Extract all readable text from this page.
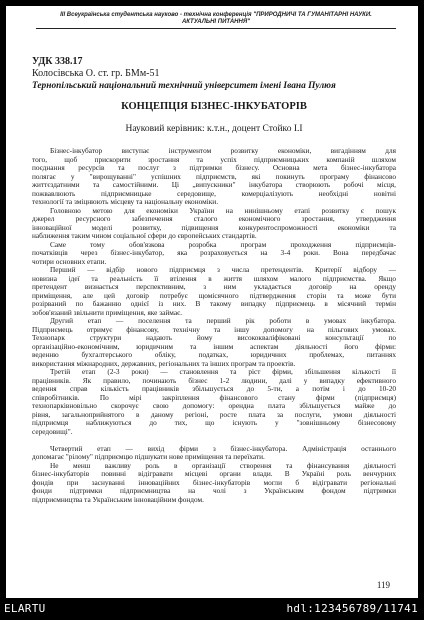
III Всеукраїнська студентська науково - технічна конференція "ПРИРОДНИЧІ ТА ГУМАНІТАРНІ НАУКИ.
АКТУАЛЬНІ ПИТАННЯ"
УДК 338.17
Колосівська О. ст. гр. БМм-51
Тернопільський національний технічний університет імені Івана Пулюя
КОНЦЕПЦІЯ БІЗНЕС-ІНКУБАТОРІВ
Науковий керівник: к.т.н., доцент Стойко І.І
Бізнес-інкубатор виступає інструментом розвитку економіки, вигадінням для
того, щоб прискорити зростання та успіх підприємницьких компаній шляхом
поєднання ресурсів та послуг з підтримки бізнесу. Основна мета бізнес-інкубатора
полягає у "вирощуванні" успішних підприємств, які покинуть програму фінансово
життєздатними та самостійними. Ці „випускники" інкубатора створюють робочі місця,
пожвавлюють підприємницьке середовище, комерціалізують необхідні новітні
технології та зміцнюють місцеву та національну економіки.
Головною метою для економіки України на нинішньому етапі розвитку є пошук
джерел ресурсного забезпечення сталого економічного зростання, утвердження
інноваційної моделі розвитку, підвищення конкурентоспроможності економіки та
наближення таким чином соціальної сфери до європейських стандартів.
Саме тому обов'язкова розробка програм проходження підприємців-
початківців через бізнес-інкубатор, яка розраховується на 3-4 роки. Вона передбачає
чотири основних етапи.
Перший — відбір нового підприємця з числа претендентів. Критерії відбору —
новизна ідеї та реальність її втілення в життя шляхом малого підприємства. Якщо
претендент визнається перспективним, з ним укладається договір на оренду
приміщення, але цей договір потребує щомісячного підтвердження сторін та може бути
розірваний по бажанню однієї із них. В такому випадку підприємець в місячний термін
зобов'язаний звільнити приміщення, яке займає.
Другий етап — поселення та перший рік роботи в умовах інкубатора.
Підприємець отримує фінансову, технічну та іншу допомогу на пільгових умовах.
Технопарк структури надають йому висококваліфіковані консультації по
організаційно-економічним, юридичним та іншим аспектам діяльності його фірми:
веденню бухгалтерського обліку, податках, юридичних проблемах, питаннях
використання міжнародних, державних, регіональних та інших програм та проектів.
Третій етап (2-3 роки) — становлення та ріст фірми, збільшення кількості її
працівників. Як правило, починають бізнес 1-2 людини, далі у випадку ефективного
ведення справ кількість працівників збільшується до 5-ти, а потім і до 10-20
співробітників. По мірі закріплення фінансового стану фірми (підприємця)
технопарківновільно скорочує свою допомогу: орендна плата збільшується майже до
рівня, загальноприйнятого в даному регіоні, росте плата за послуги, умови діяльності
підприємця наближуються до тих, що існують у "зовнішньому бізнесовому
середовищі".
Четвертий етап — вихід фірми з бізнес-інкубатора. Адміністрація останнього
допомагає "рілому" підприємцю підшукати нове приміщення та переїхати.
Не менш важливу роль в організації створення та фінансування діяльності
бізнес-інкубаторів повинні відігравати місцеві органи влади. В Україні роль венчурних
фондів при заснуванні інноваційних бізнес-інкубаторів могли б відігравати регіональні
фонди підтримки підприємництва на чолі з Українським фондом підтримки
підприємництва та Українським інноваційним фондом.
119
ELARTU	hdl:123456789/11741
